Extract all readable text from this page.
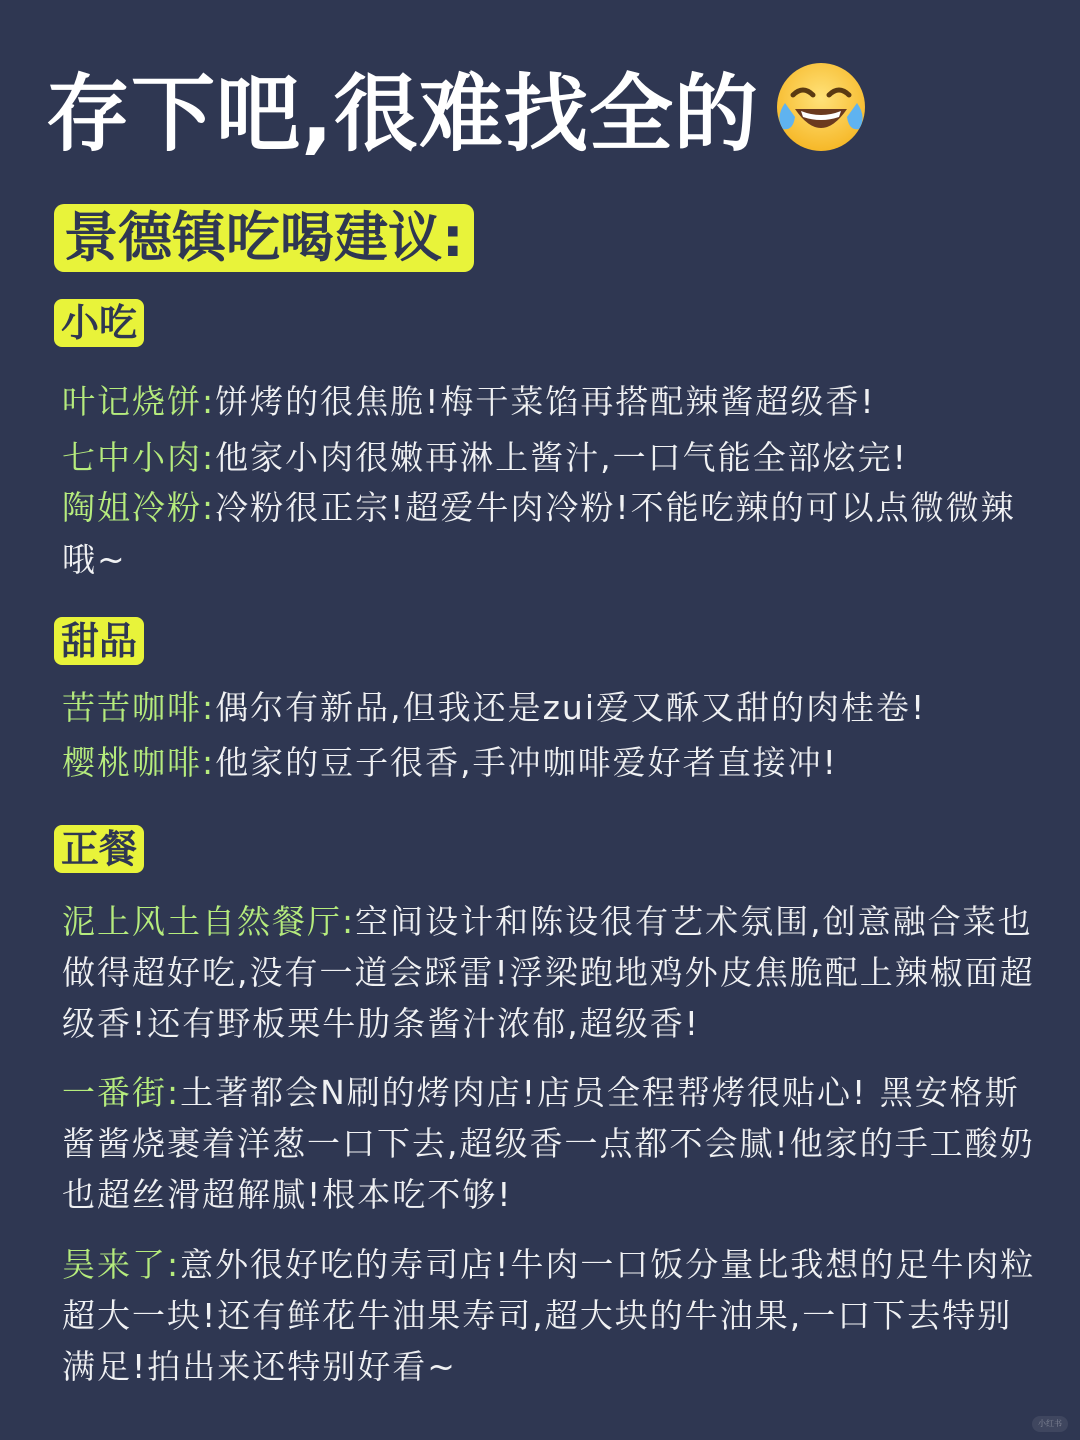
存下吧,很难找全的
景德镇吃喝建议:
小吃
叶记烧饼:饼烤的很焦脆!梅干菜馅再搭配辣酱超级香!
七中小肉:他家小肉很嫩再淋上酱汁,一口气能全部炫完!
陶姐冷粉:冷粉很正宗!超爱牛肉冷粉!不能吃辣的可以点微微辣哦~
甜品
苦苦咖啡:偶尔有新品,但我还是zui爱又酥又甜的肉桂卷!
樱桃咖啡:他家的豆子很香,手冲咖啡爱好者直接冲!
正餐
泥上风土自然餐厅:空间设计和陈设很有艺术氛围,创意融合菜也做得超好吃,没有一道会踩雷!浮梁跑地鸡外皮焦脆配上辣椒面超级香!还有野板栗牛肋条酱汁浓郁,超级香!
一番街:土著都会N刷的烤肉店!店员全程帮烤很贴心! 黑安格斯酱酱烧裹着洋葱一口下去,超级香一点都不会腻!他家的手工酸奶也超丝滑超解腻!根本吃不够!
昊来了:意外很好吃的寿司店!牛肉一口饭分量比我想的足牛肉粒超大一块!还有鲜花牛油果寿司,超大块的牛油果,一口下去特别满足!拍出来还特别好看~
小红书
